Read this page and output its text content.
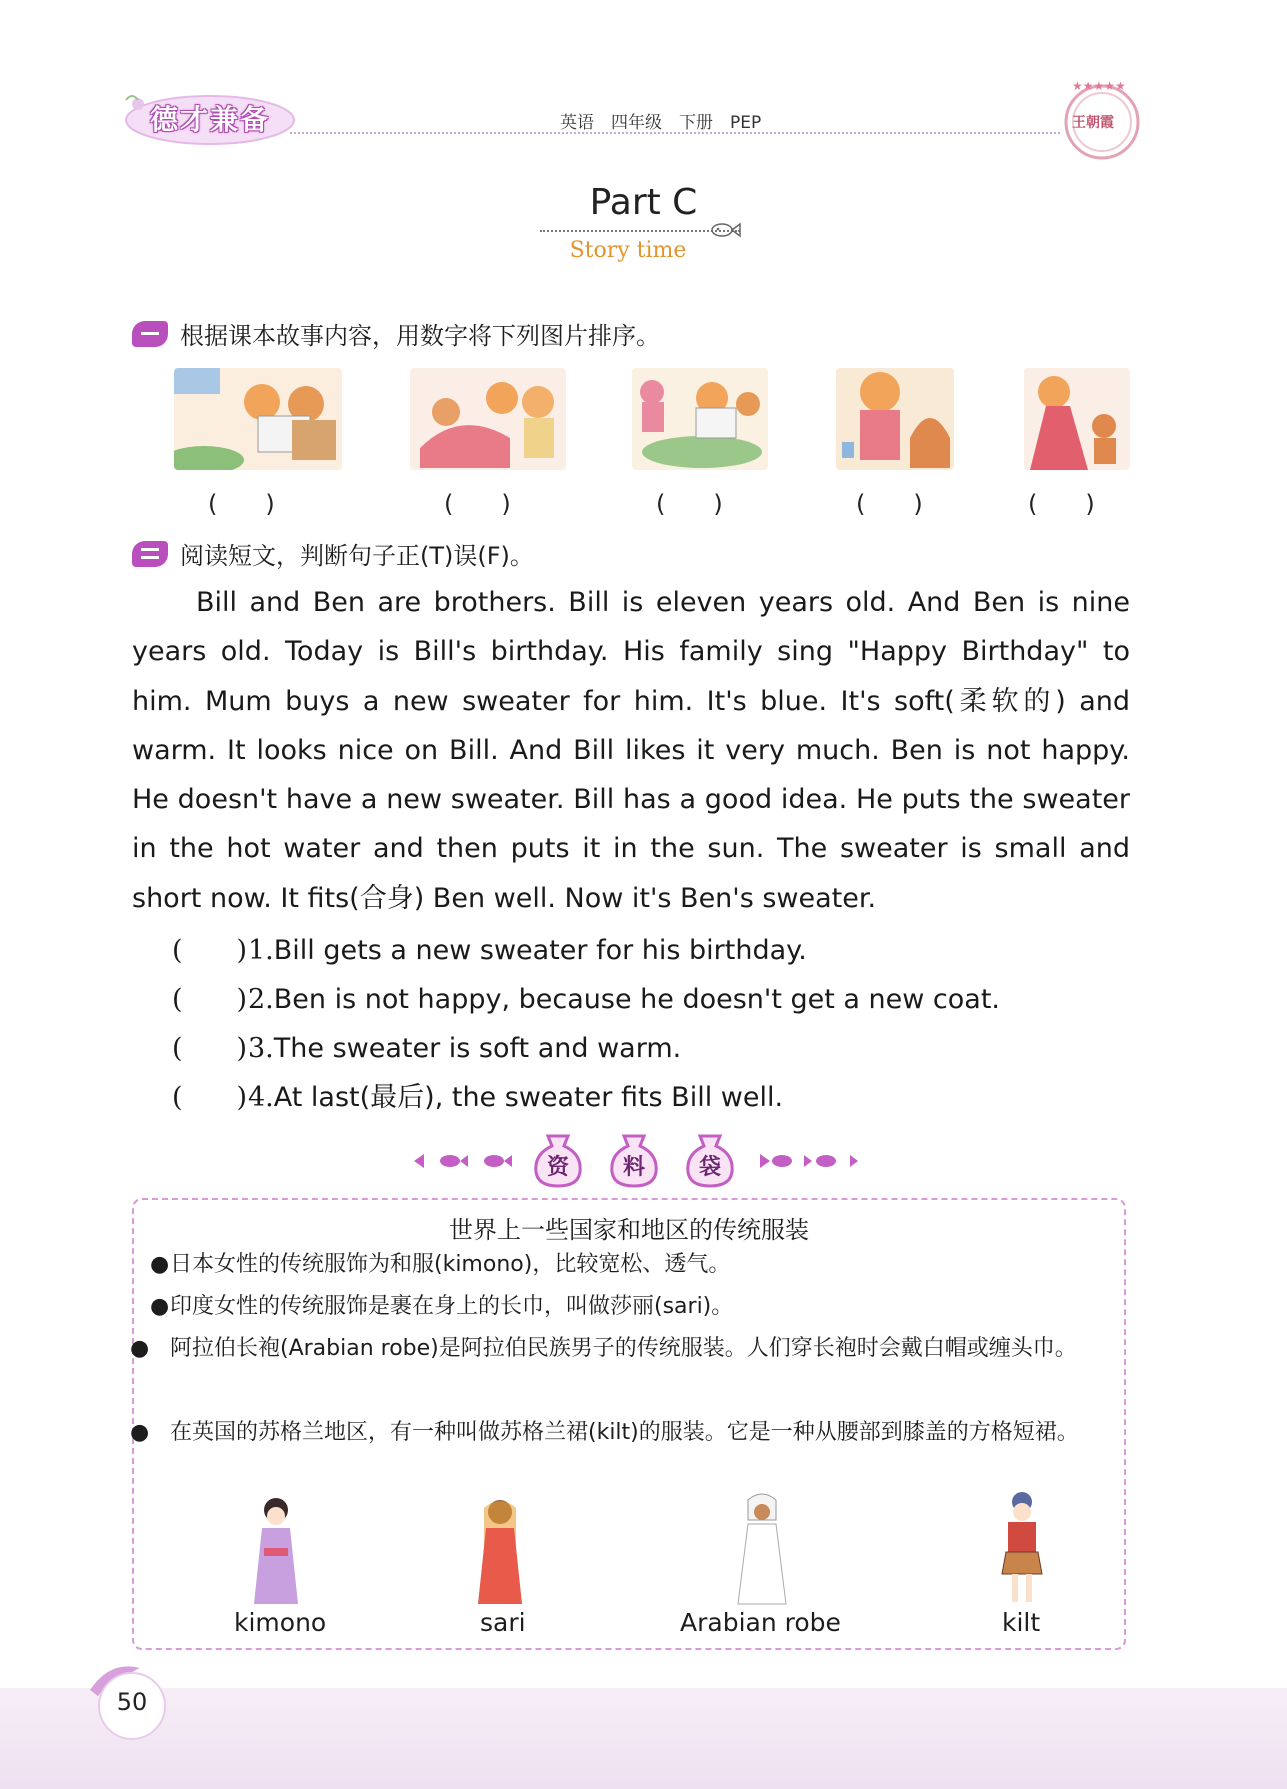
德才兼备	英语　四年级　下册　PEP
★★★★★
王朝霞
Part C
Story time
根据课本故事内容，用数字将下列图片排序。
(　　)	(　　)	(　　)	(　　)	(　　)
阅读短文，判断句子正(T)误(F)。

Bill and Ben are brothers. Bill is eleven years old. And Ben is nine years old. Today is Bill's birthday. His family sing "Happy Birthday" to him. Mum buys a new sweater for him. It's blue. It's soft(柔软的) and warm. It looks nice on Bill. And Bill likes it very much. Ben is not happy. He doesn't have a new sweater. Bill has a good idea. He puts the sweater in the hot water and then puts it in the sun. The sweater is small and short now. It fits(合身) Ben well. Now it's Ben's sweater.

(　　)1.Bill gets a new sweater for his birthday.
(　　)2.Ben is not happy, because he doesn't get a new coat.
(　　)3.The sweater is soft and warm.
(　　)4.At last(最后), the sweater fits Bill well.
资	料	袋
世界上一些国家和地区的传统服装
●日本女性的传统服饰为和服(kimono)，比较宽松、透气。
●印度女性的传统服饰是裹在身上的长巾，叫做莎丽(sari)。
● 阿拉伯长袍(Arabian robe)是阿拉伯民族男子的传统服装。人们穿长袍时会戴白帽或缠头巾。
● 在英国的苏格兰地区，有一种叫做苏格兰裙(kilt)的服装。它是一种从腰部到膝盖的方格短裙。
kimono	sari	Arabian robe	kilt
50
